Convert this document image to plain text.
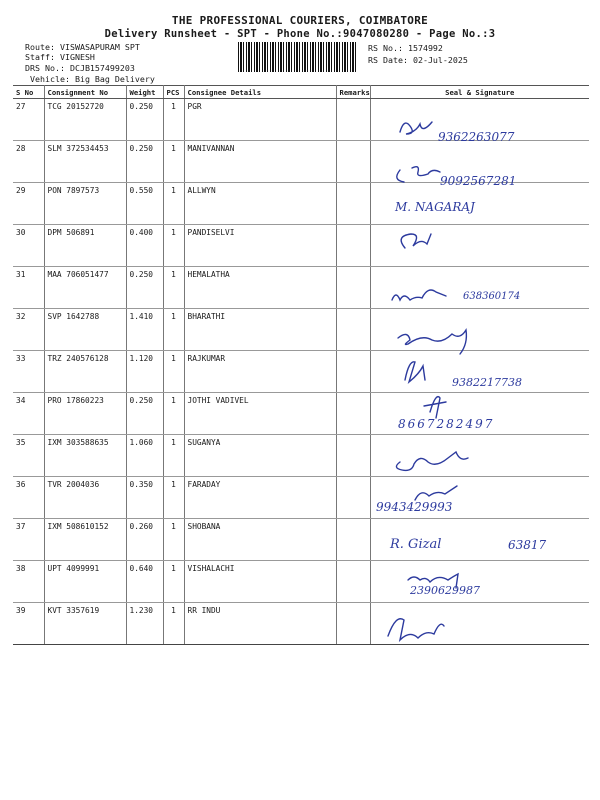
THE PROFESSIONAL COURIERS, COIMBATORE
Delivery Runsheet - SPT - Phone No.:9047080280 - Page No.:3
Route: VISWASAPURAM SPT
Staff: VIGNESH
DRS No.: DCJB157499203
Vehicle: Big Bag Delivery
RS No.: 1574992
RS Date: 02-Jul-2025
S No	Consignment No	Weight	PCS	Consignee Details	Remarks	Seal & Signature
27	TCG 20152720	0.250	1	PGR		
28	SLM 372534453	0.250	1	MANIVANNAN		
29	PON 7897573	0.550	1	ALLWYN		
30	DPM 506891	0.400	1	PANDISELVI		
31	MAA 706051477	0.250	1	HEMALATHA		
32	SVP 1642788	1.410	1	BHARATHI		
33	TRZ 240576128	1.120	1	RAJKUMAR		
34	PRO 17860223	0.250	1	JOTHI VADIVEL		
35	IXM 303588635	1.060	1	SUGANYA		
36	TVR 2004036	0.350	1	FARADAY		
37	IXM 508610152	0.260	1	SHOBANA		
38	UPT 4099991	0.640	1	VISHALACHI		
39	KVT 3357619	1.230	1	RR INDU		
9362263077
9092567281
M. NAGARAJ
638360174
9382217738
8667282497
9943429993
R. Gizal	63817
2390629987
